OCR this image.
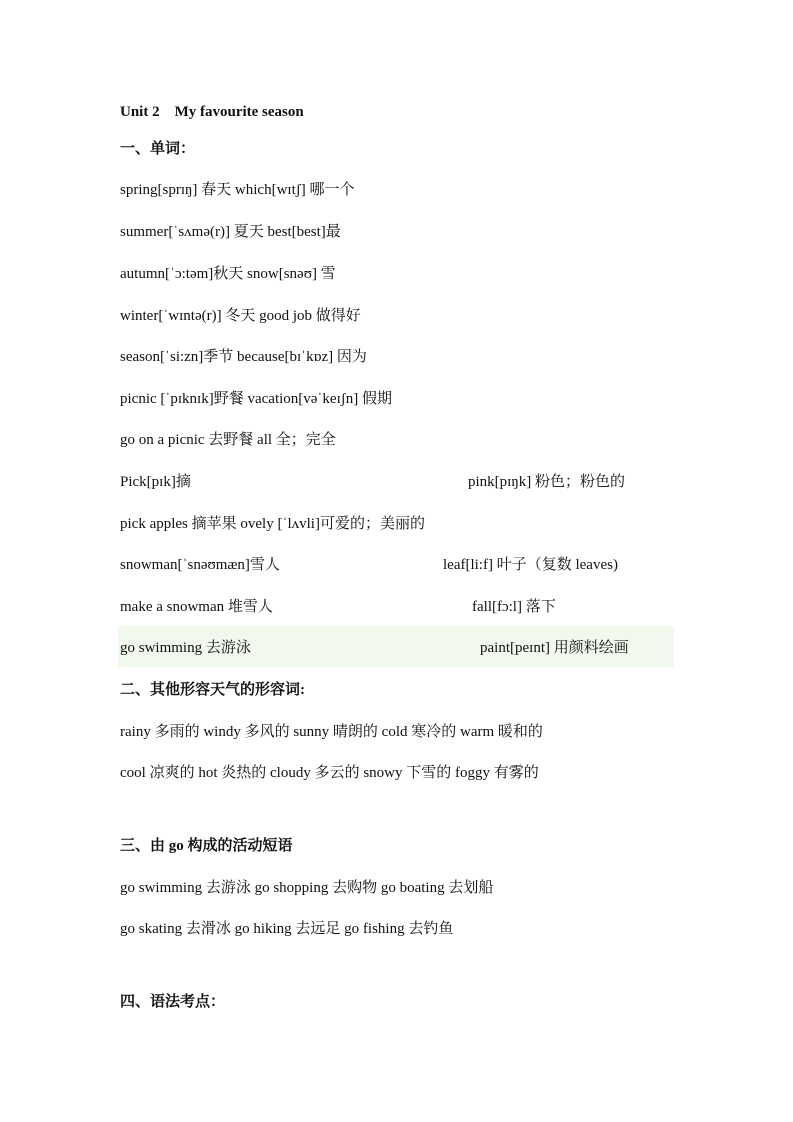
Unit 2　My favourite season
一、单词：
spring[sprɪŋ] 春天 which[wɪtʃ] 哪一个
summer[ˈsʌmə(r)] 夏天 best[best]最
autumn[ˈɔ:təm]秋天 snow[snəʊ] 雪
winter[ˈwɪntə(r)] 冬天 good job 做得好
season[ˈsi:zn]季节 because[bɪˈkɒz] 因为
picnic [ˈpɪknɪk]野餐 vacation[vəˈkeɪʃn] 假期
go on a picnic 去野餐 all 全；完全
Pick[pɪk]摘	pink[pɪŋk] 粉色；粉色的
pick apples 摘苹果 ovely [ˈlʌvli]可爱的；美丽的
snowman[ˈsnəʊmæn]雪人	leaf[li:f] 叶子（复数 leaves)
make a snowman 堆雪人	fall[fɔ:l] 落下
go swimming 去游泳	paint[peɪnt] 用颜料绘画
二、其他形容天气的形容词:
rainy 多雨的 windy 多风的 sunny 晴朗的 cold 寒冷的 warm 暖和的
cool 凉爽的 hot 炎热的 cloudy 多云的 snowy 下雪的 foggy 有雾的
三、由 go 构成的活动短语
go swimming 去游泳 go shopping 去购物 go boating 去划船
go skating 去滑冰 go hiking 去远足 go fishing 去钓鱼
四、语法考点：
